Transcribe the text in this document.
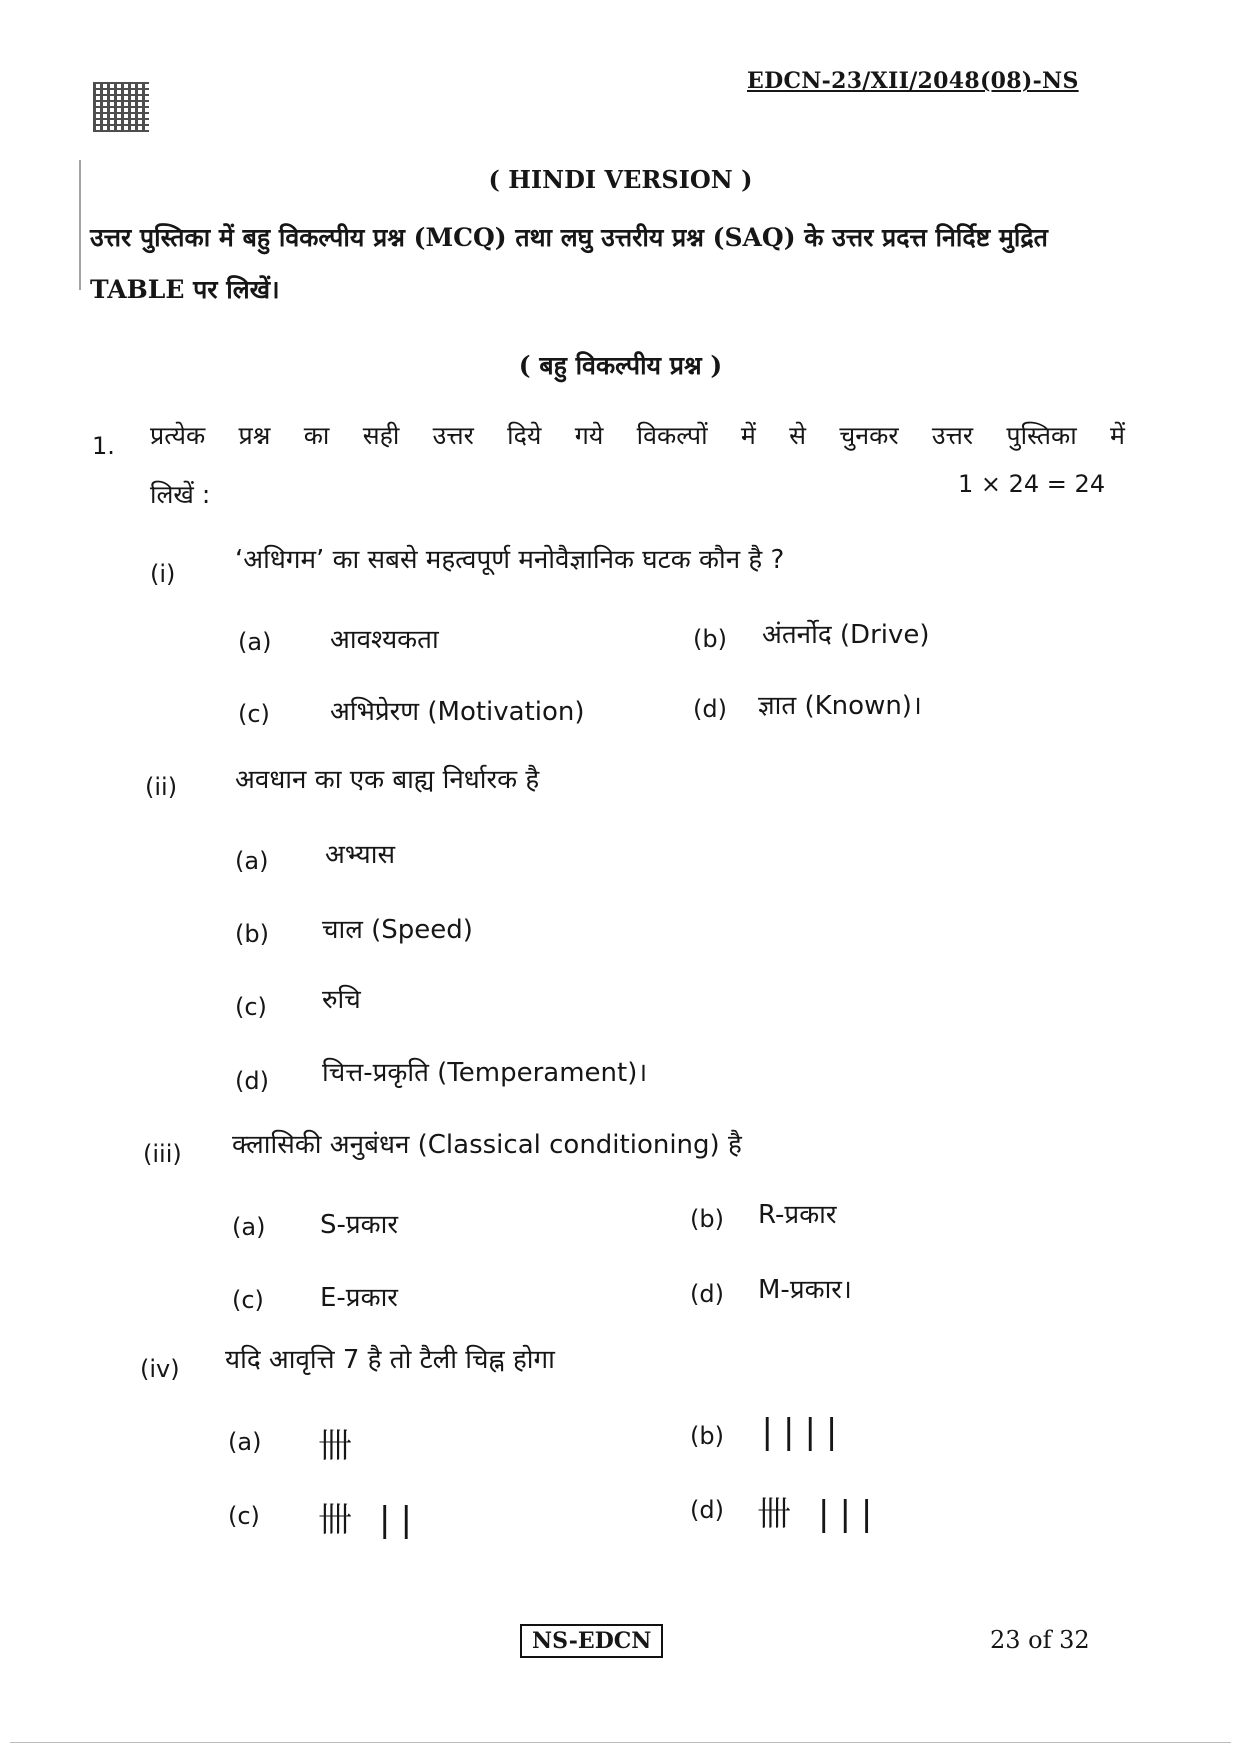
EDCN-23/XII/2048(08)-NS
( HINDI VERSION )
उत्तर पुस्तिका में बहु विकल्पीय प्रश्न (MCQ) तथा लघु उत्तरीय प्रश्न (SAQ) के उत्तर प्रदत्त निर्दिष्ट मुद्रित TABLE पर लिखें।
( बहु विकल्पीय प्रश्न )
1. प्रत्येक प्रश्न का सही उत्तर दिये गये विकल्पों में से चुनकर उत्तर पुस्तिका में
लिखें :	1 × 24 = 24
(i) ‘अधिगम’ का सबसे महत्वपूर्ण मनोवैज्ञानिक घटक कौन है ?
(a) आवश्यकता	(b) अंतर्नोद (Drive)
(c) अभिप्रेरण (Motivation)	(d) ज्ञात (Known)।
(ii) अवधान का एक बाह्य निर्धारक है
(a) अभ्यास
(b) चाल (Speed)
(c) रुचि
(d) चित्त-प्रकृति (Temperament)।
(iii) क्लासिकी अनुबंधन (Classical conditioning) है
(a) S-प्रकार	(b) R-प्रकार
(c) E-प्रकार	(d) M-प्रकार।
(iv) यदि आवृत्ति 7 है तो टैली चिह्न होगा
(a) 卌	(b) ||||
(c) 卌 ||	(d) 卌 |||
NS-EDCN	23 of 32
